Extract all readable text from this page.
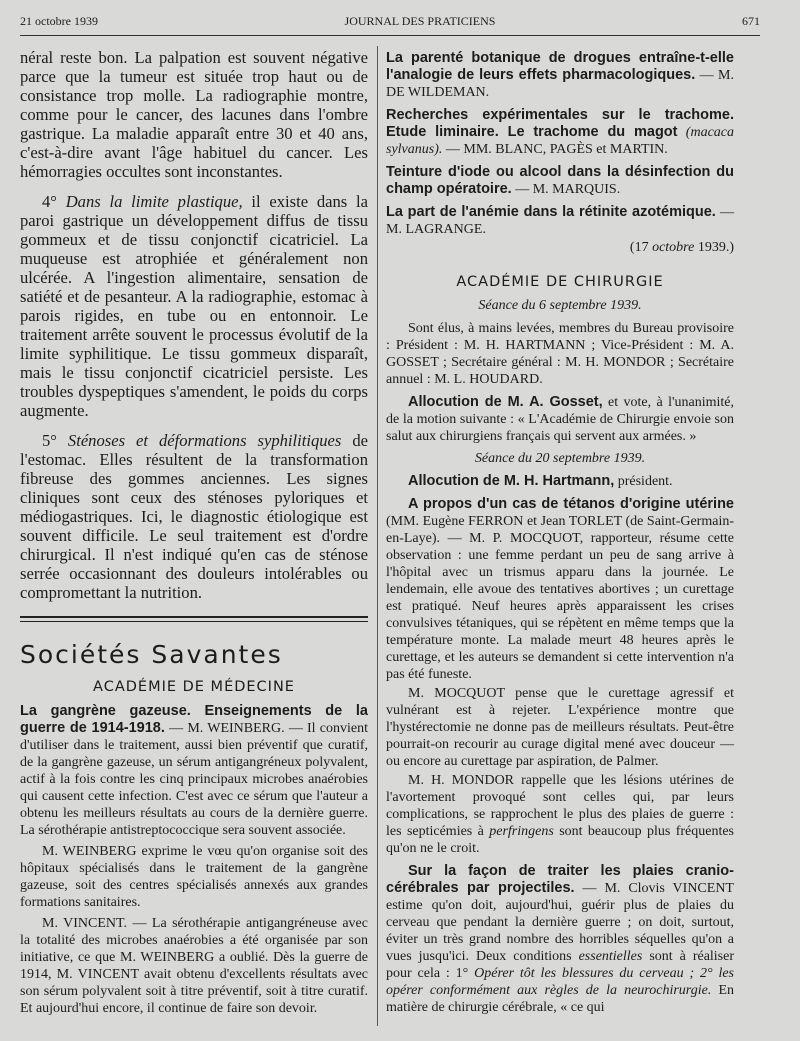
21 octobre 1939	JOURNAL DES PRATICIENS	671

néral reste bon. La palpation est souvent négative parce que la tumeur est située trop haut ou de consistance trop molle. La radiographie montre, comme pour le cancer, des lacunes dans l'ombre gastrique. La maladie apparaît entre 30 et 40 ans, c'est-à-dire avant l'âge habituel du cancer. Les hémorragies occultes sont inconstantes.

4° Dans la limite plastique, il existe dans la paroi gastrique un développement diffus de tissu gommeux et de tissu conjonctif cicatriciel. La muqueuse est atrophiée et généralement non ulcérée. A l'ingestion alimentaire, sensation de satiété et de pesanteur. A la radiographie, estomac à parois rigides, en tube ou en entonnoir. Le traitement arrête souvent le processus évolutif de la limite syphilitique. Le tissu gommeux disparaît, mais le tissu conjonctif cicatriciel persiste. Les troubles dyspeptiques s'amendent, le poids du corps augmente.

5° Sténoses et déformations syphilitiques de l'estomac. Elles résultent de la transformation fibreuse des gommes anciennes. Les signes cliniques sont ceux des sténoses pyloriques et médiogastriques. Ici, le diagnostic étiologique est souvent difficile. Le seul traitement est d'ordre chirurgical. Il n'est indiqué qu'en cas de sténose serrée occasionnant des douleurs intolérables ou compromettant la nutrition.

Sociétés Savantes
ACADÉMIE DE MÉDECINE

La gangrène gazeuse. Enseignements de la guerre de 1914-1918. — M. WEINBERG. — Il convient d'utiliser dans le traitement, aussi bien préventif que curatif, de la gangrène gazeuse, un sérum antigangréneux polyvalent, actif à la fois contre les cinq principaux microbes anaérobies qui causent cette infection. C'est avec ce sérum que l'auteur a obtenu les meilleurs résultats au cours de la dernière guerre. La sérothérapie antistreptococcique sera souvent associée.

M. WEINBERG exprime le vœu qu'on organise soit des hôpitaux spécialisés dans le traitement de la gangrène gazeuse, soit des centres spécialisés annexés aux grandes formations sanitaires.

M. VINCENT. — La sérothérapie antigangréneuse avec la totalité des microbes anaérobies a été organisée par son initiative, ce que M. WEINBERG a oublié. Dès la guerre de 1914, M. VINCENT avait obtenu d'excellents résultats avec son sérum polyvalent soit à titre préventif, soit à titre curatif. Et aujourd'hui encore, il continue de faire son devoir.

La parenté botanique de drogues entraîne-t-elle l'analogie de leurs effets pharmacologiques. — M. DE WILDEMAN.

Recherches expérimentales sur le trachome. Etude liminaire. Le trachome du magot (macaca sylvanus). — MM. BLANC, PAGÈS et MARTIN.

Teinture d'iode ou alcool dans la désinfection du champ opératoire. — M. MARQUIS.

La part de l'anémie dans la rétinite azotémique. — M. LAGRANGE.

(17 octobre 1939.)

ACADÉMIE DE CHIRURGIE
Séance du 6 septembre 1939.

Sont élus, à mains levées, membres du Bureau provisoire : Président : M. H. HARTMANN ; Vice-Président : M. A. GOSSET ; Secrétaire général : M. H. MONDOR ; Secrétaire annuel : M. L. HOUDARD.

Allocution de M. A. Gosset, et vote, à l'unanimité, de la motion suivante : « L'Académie de Chirurgie envoie son salut aux chirurgiens français qui servent aux armées. »

Séance du 20 septembre 1939.

Allocution de M. H. Hartmann, président.

A propos d'un cas de tétanos d'origine utérine (MM. Eugène FERRON et Jean TORLET (de Saint-Germain-en-Laye). — M. P. MOCQUOT, rapporteur, résume cette observation : une femme perdant un peu de sang arrive à l'hôpital avec un trismus apparu dans la journée. Le lendemain, elle avoue des tentatives abortives ; un curettage est pratiqué. Neuf heures après apparaissent les crises convulsives tétaniques, qui se répètent en même temps que la température monte. La malade meurt 48 heures après le curettage, et les auteurs se demandent si cette intervention n'a pas été funeste.

M. MOCQUOT pense que le curettage agressif et vulnérant est à rejeter. L'expérience montre que l'hystérectomie ne donne pas de meilleurs résultats. Peut-être pourrait-on recourir au curage digital mené avec douceur — ou encore au curettage par aspiration, de Palmer.

M. H. MONDOR rappelle que les lésions utérines de l'avortement provoqué sont celles qui, par leurs complications, se rapprochent le plus des plaies de guerre : les septicémies à perfringens sont beaucoup plus fréquentes qu'on ne le croit.

Sur la façon de traiter les plaies cranio-cérébrales par projectiles. — M. Clovis VINCENT estime qu'on doit, aujourd'hui, guérir plus de plaies du cerveau que pendant la dernière guerre ; on doit, surtout, éviter un très grand nombre des horribles séquelles qu'on a vues jusqu'ici. Deux conditions essentielles sont à réaliser pour cela : 1° Opérer tôt les blessures du cerveau ; 2° les opérer conformément aux règles de la neurochirurgie. En matière de chirurgie cérébrale, « ce qui
